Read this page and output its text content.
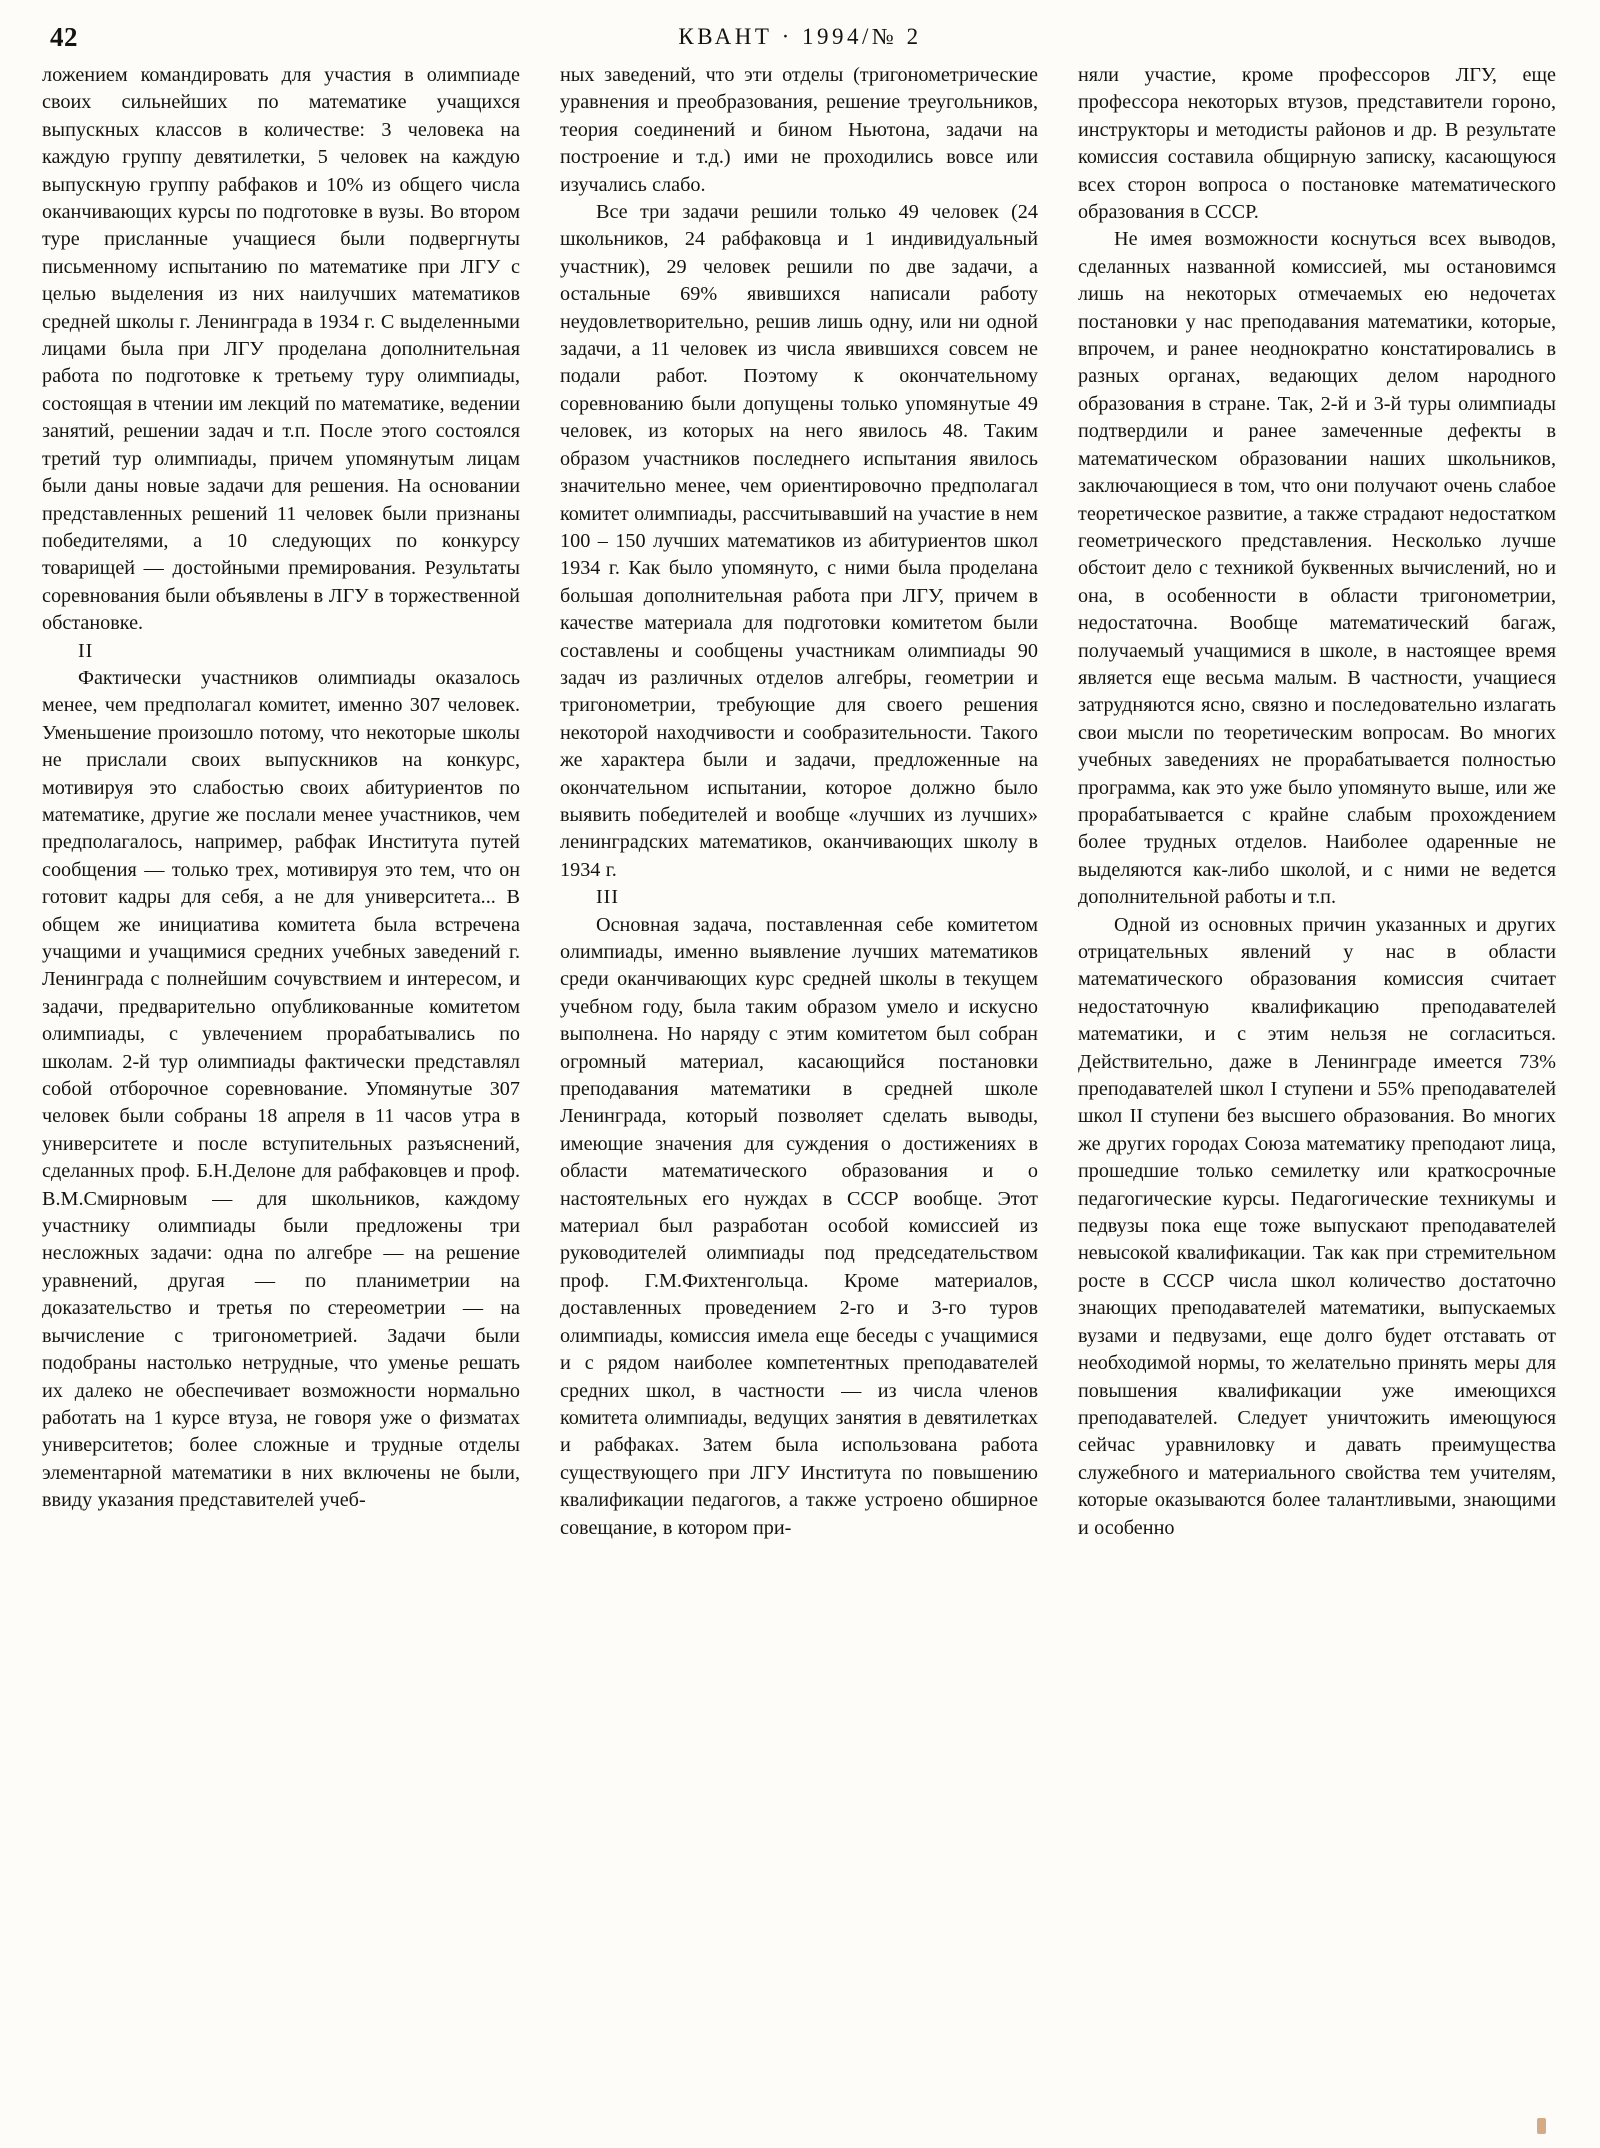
42	КВАНТ · 1994/№ 2

ложением командировать для участия в олимпиаде своих сильнейших по математике учащихся выпускных классов в количестве: 3 человека на каждую группу девятилетки, 5 человек на каждую выпускную группу рабфаков и 10% из общего числа оканчивающих курсы по подготовке в вузы. Во втором туре присланные учащиеся были подвергнуты письменному испытанию по математике при ЛГУ с целью выделения из них наилучших математиков средней школы г. Ленинграда в 1934 г. С выделенными лицами была при ЛГУ проделана дополнительная работа по подготовке к третьему туру олимпиады, состоящая в чтении им лекций по математике, ведении занятий, решении задач и т.п. После этого состоялся третий тур олимпиады, причем упомянутым лицам были даны новые задачи для решения. На основании представленных решений 11 человек были признаны победителями, а 10 следующих по конкурсу товарищей — достойными премирования. Результаты соревнования были объявлены в ЛГУ в торжественной обстановке.

II

Фактически участников олимпиады оказалось менее, чем предполагал комитет, именно 307 человек. Уменьшение произошло потому, что некоторые школы не прислали своих выпускников на конкурс, мотивируя это слабостью своих абитуриентов по математике, другие же послали менее участников, чем предполагалось, например, рабфак Института путей сообщения — только трех, мотивируя это тем, что он готовит кадры для себя, а не для университета... В общем же инициатива комитета была встречена учащими и учащимися средних учебных заведений г. Ленинграда с полнейшим сочувствием и интересом, и задачи, предварительно опубликованные комитетом олимпиады, с увлечением прорабатывались по школам. 2-й тур олимпиады фактически представлял собой отборочное соревнование. Упомянутые 307 человек были собраны 18 апреля в 11 часов утра в университете и после вступительных разъяснений, сделанных проф. Б.Н.Делоне для рабфаковцев и проф. В.М.Смирновым — для школьников, каждому участнику олимпиады были предложены три несложных задачи: одна по алгебре — на решение уравнений, другая — по планиметрии на доказательство и третья по стереометрии — на вычисление с тригонометрией. Задачи были подобраны настолько нетрудные, что уменье решать их далеко не обеспечивает возможности нормально работать на 1 курсе втуза, не говоря уже о физматах университетов; более сложные и трудные отделы элементарной математики в них включены не были, ввиду указания представителей учеб-

ных заведений, что эти отделы (тригонометрические уравнения и преобразования, решение треугольников, теория соединений и бином Ньютона, задачи на построение и т.д.) ими не проходились вовсе или изучались слабо.

Все три задачи решили только 49 человек (24 школьников, 24 рабфаковца и 1 индивидуальный участник), 29 человек решили по две задачи, а остальные 69% явившихся написали работу неудовлетворительно, решив лишь одну, или ни одной задачи, а 11 человек из числа явившихся совсем не подали работ. Поэтому к окончательному соревнованию были допущены только упомянутые 49 человек, из которых на него явилось 48. Таким образом участников последнего испытания явилось значительно менее, чем ориентировочно предполагал комитет олимпиады, рассчитывавший на участие в нем 100 – 150 лучших математиков из абитуриентов школ 1934 г. Как было упомянуто, с ними была проделана большая дополнительная работа при ЛГУ, причем в качестве материала для подготовки комитетом были составлены и сообщены участникам олимпиады 90 задач из различных отделов алгебры, геометрии и тригонометрии, требующие для своего решения некоторой находчивости и сообразительности. Такого же характера были и задачи, предложенные на окончательном испытании, которое должно было выявить победителей и вообще «лучших из лучших» ленинградских математиков, оканчивающих школу в 1934 г.

III

Основная задача, поставленная себе комитетом олимпиады, именно выявление лучших математиков среди оканчивающих курс средней школы в текущем учебном году, была таким образом умело и искусно выполнена. Но наряду с этим комитетом был собран огромный материал, касающийся постановки преподавания математики в средней школе Ленинграда, который позволяет сделать выводы, имеющие значения для суждения о достижениях в области математического образования и о настоятельных его нуждах в СССР вообще. Этот материал был разработан особой комиссией из руководителей олимпиады под председательством проф. Г.М.Фихтенгольца. Кроме материалов, доставленных проведением 2-го и 3-го туров олимпиады, комиссия имела еще беседы с учащимися и с рядом наиболее компетентных преподавателей средних школ, в частности — из числа членов комитета олимпиады, ведущих занятия в девятилетках и рабфаках. Затем была использована работа существующего при ЛГУ Института по повышению квалификации педагогов, а также устроено обширное совещание, в котором при-

няли участие, кроме профессоров ЛГУ, еще профессора некоторых втузов, представители гороно, инструкторы и методисты районов и др. В результате комиссия составила общирную записку, касающуюся всех сторон вопроса о постановке математического образования в СССР.

Не имея возможности коснуться всех выводов, сделанных названной комиссией, мы остановимся лишь на некоторых отмечаемых ею недочетах постановки у нас преподавания математики, которые, впрочем, и ранее неоднократно констатировались в разных органах, ведающих делом народного образования в стране. Так, 2-й и 3-й туры олимпиады подтвердили и ранее замеченные дефекты в математическом образовании наших школьников, заключающиеся в том, что они получают очень слабое теоретическое развитие, а также страдают недостатком геометрического представления. Несколько лучше обстоит дело с техникой буквенных вычислений, но и она, в особенности в области тригонометрии, недостаточна. Вообще математический багаж, получаемый учащимися в школе, в настоящее время является еще весьма малым. В частности, учащиеся затрудняются ясно, связно и последовательно излагать свои мысли по теоретическим вопросам. Во многих учебных заведениях не прорабатывается полностью программа, как это уже было упомянуто выше, или же прорабатывается с крайне слабым прохождением более трудных отделов. Наиболее одаренные не выделяются как-либо школой, и с ними не ведется дополнительной работы и т.п.

Одной из основных причин указанных и других отрицательных явлений у нас в области математического образования комиссия считает недостаточную квалификацию преподавателей математики, и с этим нельзя не согласиться. Действительно, даже в Ленинграде имеется 73% преподавателей школ I ступени и 55% преподавателей школ II ступени без высшего образования. Во многих же других городах Союза математику преподают лица, прошедшие только семилетку или краткосрочные педагогические курсы. Педагогические техникумы и педвузы пока еще тоже выпускают преподавателей невысокой квалификации. Так как при стремительном росте в СССР числа школ количество достаточно знающих преподавателей математики, выпускаемых вузами и педвузами, еще долго будет отставать от необходимой нормы, то желательно принять меры для повышения квалификации уже имеющихся преподавателей. Следует уничтожить имеющуюся сейчас уравниловку и давать преимущества служебного и материального свойства тем учителям, которые оказываются более талантливыми, знающими и особенно
